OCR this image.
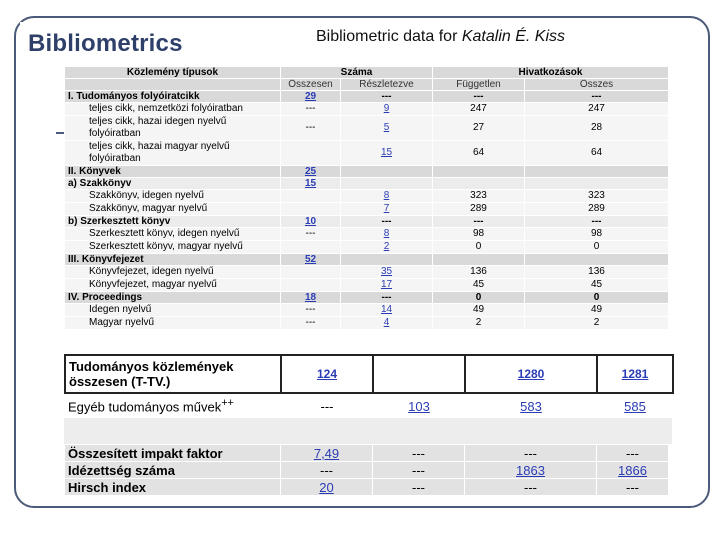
Bibliometrics	Bibliometric data for Katalin É. Kiss
Közlemény típusok	Száma		Hivatkozások	
	Összesen	Részletezve	Független	Összes
I. Tudományos folyóiratcikk	29	---	---	---
teljes cikk, nemzetközi folyóiratban	---	9	247	247
teljes cikk, hazai idegen nyelvű folyóiratban	---	5	27	28
teljes cikk, hazai magyar nyelvű folyóiratban		15	64	64
II. Könyvek	25			
a) Szakkönyv	15			
Szakkönyv, idegen nyelvű		8	323	323
Szakkönyv, magyar nyelvű		7	289	289
b) Szerkesztett könyv	10	---	---	---
Szerkesztett könyv, idegen nyelvű	---	8	98	98
Szerkesztett könyv, magyar nyelvű		2	0	0
III. Könyvfejezet	52			
Könyvfejezet, idegen nyelvű		35	136	136
Könyvfejezet, magyar nyelvű		17	45	45
IV. Proceedings	18	---	0	0
Idegen nyelvű	---	14	49	49
Magyar nyelvű	---	4	2	2
Tudományos közlemények összesen (T-TV.)	124		1280	1281
Egyéb tudományos művek++	---	103	583	585
Összesített impakt faktor	7,49	---	---	---
Idézettség száma	---	---	1863	1866
Hirsch index	20	---	---	---
